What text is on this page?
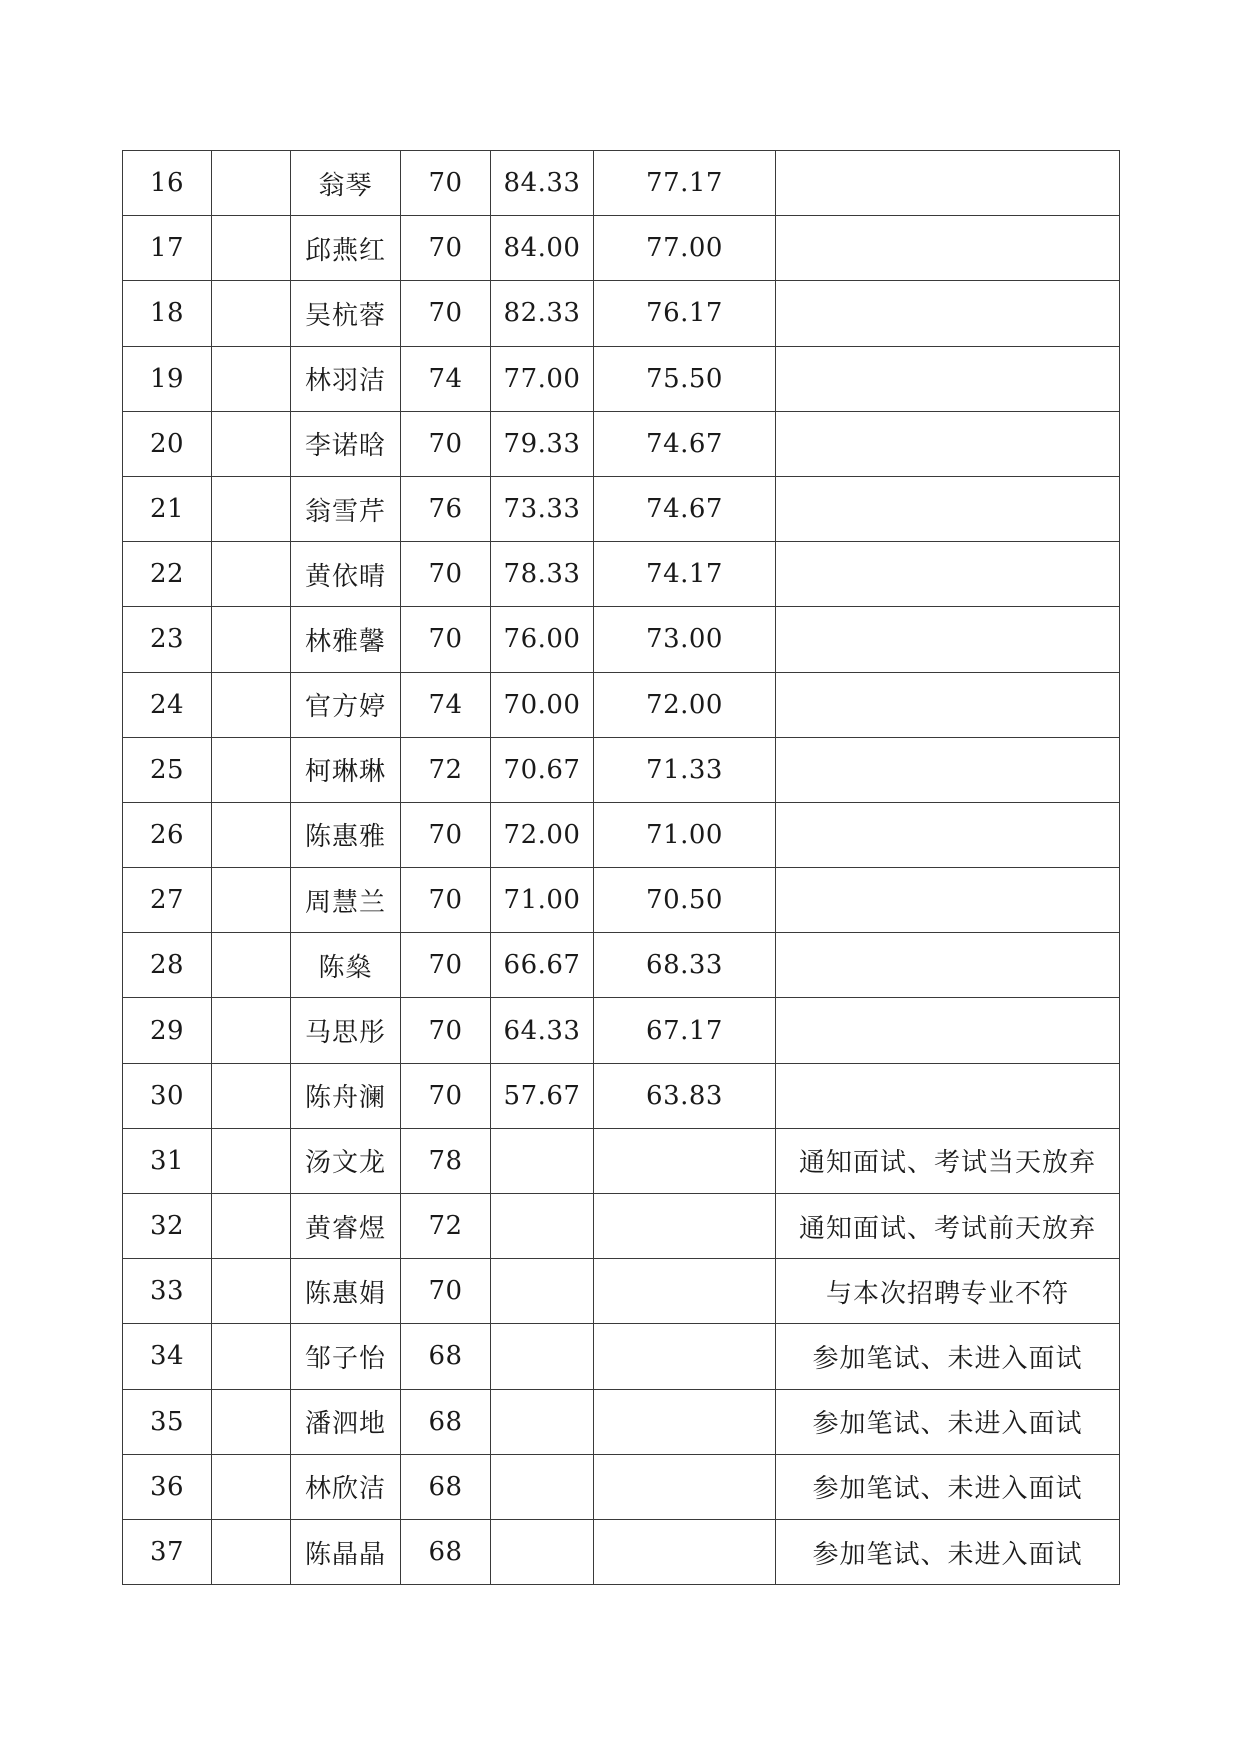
16		翁琴	70	84.33	77.17	
17		邱燕红	70	84.00	77.00	
18		吴杭蓉	70	82.33	76.17	
19		林羽洁	74	77.00	75.50	
20		李诺晗	70	79.33	74.67	
21		翁雪芹	76	73.33	74.67	
22		黄依晴	70	78.33	74.17	
23		林雅馨	70	76.00	73.00	
24		官方婷	74	70.00	72.00	
25		柯琳琳	72	70.67	71.33	
26		陈惠雅	70	72.00	71.00	
27		周慧兰	70	71.00	70.50	
28		陈燊	70	66.67	68.33	
29		马思彤	70	64.33	67.17	
30		陈舟澜	70	57.67	63.83	
31		汤文龙	78			通知面试、考试当天放弃
32		黄睿煜	72			通知面试、考试前天放弃
33		陈惠娟	70			与本次招聘专业不符
34		邹子怡	68			参加笔试、未进入面试
35		潘泗地	68			参加笔试、未进入面试
36		林欣洁	68			参加笔试、未进入面试
37		陈晶晶	68			参加笔试、未进入面试
